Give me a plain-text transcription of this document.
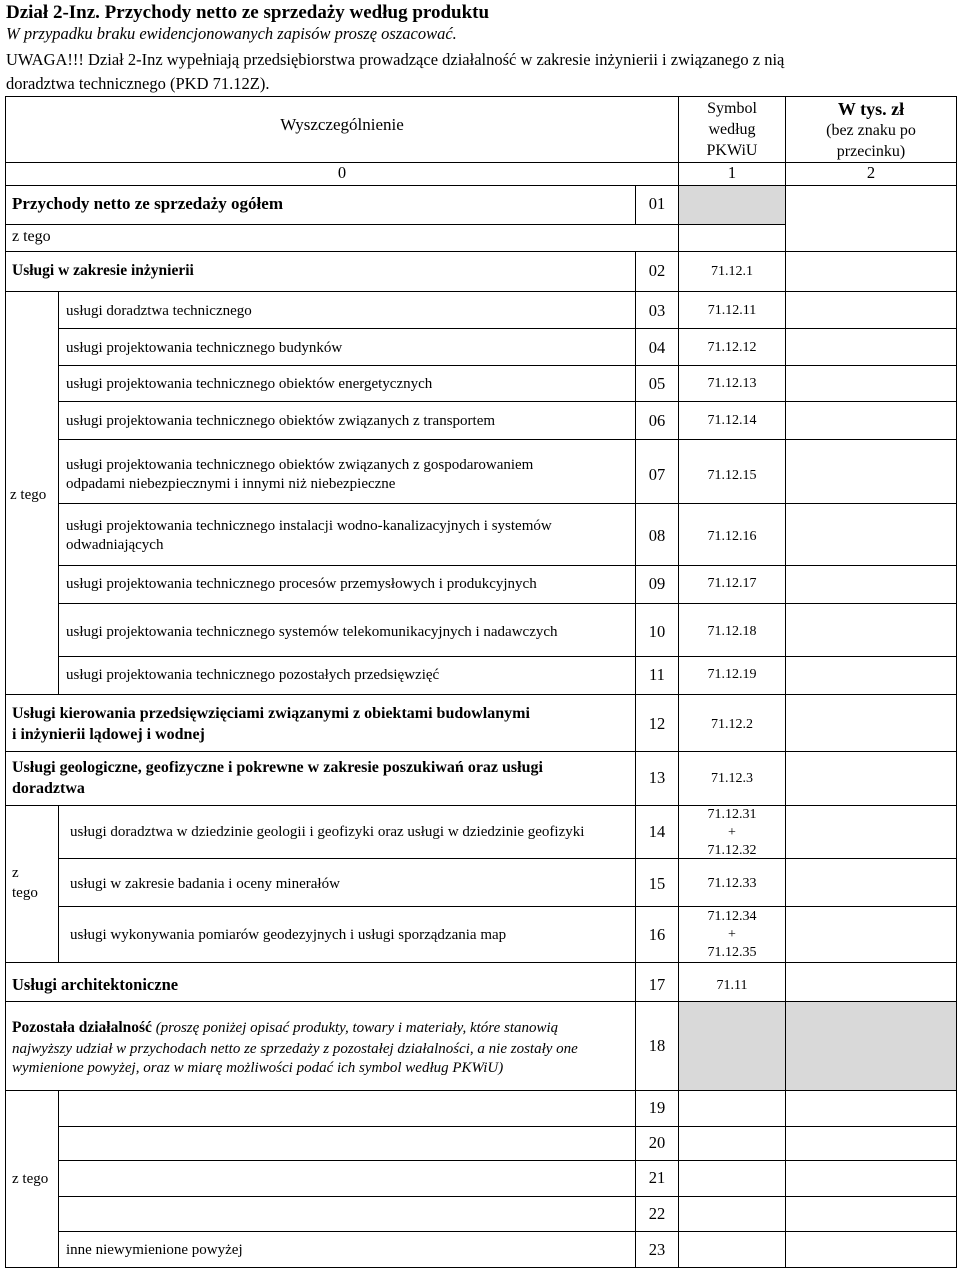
Dział 2-Inz. Przychody netto ze sprzedaży według produktu
W przypadku braku ewidencjonowanych zapisów proszę oszacować.
UWAGA!!! Dział 2-Inz wypełniają przedsiębiorstwa prowadzące działalność w zakresie inżynierii i związanego z nią
doradztwa technicznego (PKD 71.12Z).
Wyszczególnienie
Symbol
według
PKWiU
W tys. zł
(bez znaku po
przecinku)
0	1	2
Przychody netto ze sprzedaży ogółem	01
z tego
Usługi w zakresie inżynierii	02	71.12.1
z tego
usługi doradztwa technicznego	03	71.12.11
usługi projektowania technicznego budynków	04	71.12.12
usługi projektowania technicznego obiektów energetycznych	05	71.12.13
usługi projektowania technicznego obiektów związanych z transportem	06	71.12.14
usługi projektowania technicznego obiektów związanych z gospodarowaniem
odpadami niebezpiecznymi i innymi niż niebezpieczne	07	71.12.15
usługi projektowania technicznego instalacji wodno-kanalizacyjnych i systemów
odwadniających	08	71.12.16
usługi projektowania technicznego procesów przemysłowych i produkcyjnych	09	71.12.17
usługi projektowania technicznego systemów telekomunikacyjnych i nadawczych	10	71.12.18
usługi projektowania technicznego pozostałych przedsięwzięć	11	71.12.19
Usługi kierowania przedsięwzięciami związanymi z obiektami budowlanymi
i inżynierii lądowej i wodnej
12	71.12.2
Usługi geologiczne, geofizyczne i pokrewne w zakresie poszukiwań oraz usługi
doradztwa
13	71.12.3
z
tego
usługi doradztwa w dziedzinie geologii i geofizyki oraz usługi w dziedzinie geofizyki	14
71.12.31
+
71.12.32
usługi w zakresie badania i oceny minerałów	15	71.12.33
usługi wykonywania pomiarów geodezyjnych i usługi sporządzania map	16
71.12.34
+
71.12.35
Usługi architektoniczne	17	71.11
Pozostała działalność (proszę poniżej opisać produkty, towary i materiały, które stanowią
najwyższy udział w przychodach netto ze sprzedaży z pozostałej działalności, a nie zostały one
wymienione powyżej, oraz w miarę możliwości podać ich symbol według PKWiU)
18
z tego
19
20
21
22
inne niewymienione powyżej	23
